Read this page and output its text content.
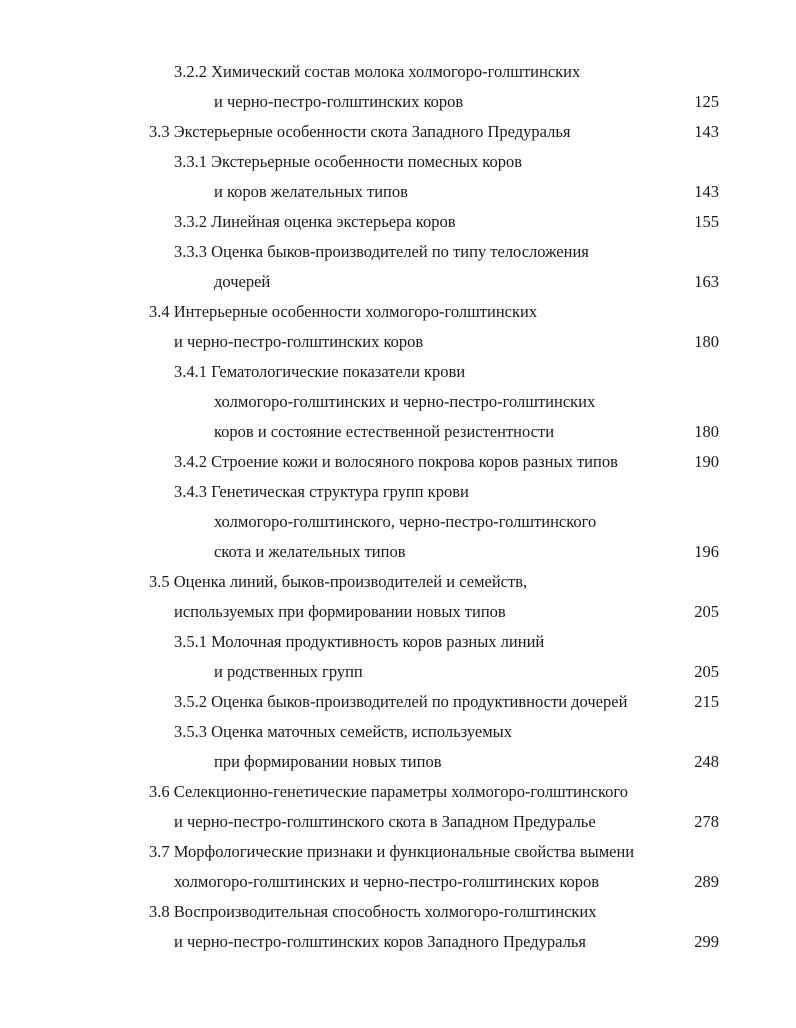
3.2.2 Химический состав молока холмогоро-голштинских
и черно-пестро-голштинских коров	125
3.3 Экстерьерные особенности скота Западного Предуралья	143
3.3.1 Экстерьерные особенности помесных коров
и коров желательных типов	143
3.3.2 Линейная оценка экстерьера коров	155
3.3.3 Оценка быков-производителей по типу телосложения
дочерей	163
3.4 Интерьерные особенности холмогоро-голштинских
и черно-пестро-голштинских коров	180
3.4.1 Гематологические показатели крови
холмогоро-голштинских и черно-пестро-голштинских
коров и состояние естественной резистентности	180
3.4.2 Строение кожи и волосяного покрова коров разных типов	190
3.4.3 Генетическая структура групп крови
холмогоро-голштинского, черно-пестро-голштинского
скота и желательных типов	196
3.5 Оценка линий, быков-производителей и семейств,
используемых при формировании новых типов	205
3.5.1 Молочная продуктивность коров разных линий
и родственных групп	205
3.5.2 Оценка быков-производителей по продуктивности дочерей	215
3.5.3 Оценка маточных семейств, используемых
при формировании новых типов	248
3.6 Селекционно-генетические параметры холмогоро-голштинского
и черно-пестро-голштинского скота в Западном Предуралье	278
3.7 Морфологические признаки и функциональные свойства вымени
холмогоро-голштинских и черно-пестро-голштинских коров	289
3.8 Воспроизводительная способность холмогоро-голштинских
и черно-пестро-голштинских коров Западного Предуралья	299
